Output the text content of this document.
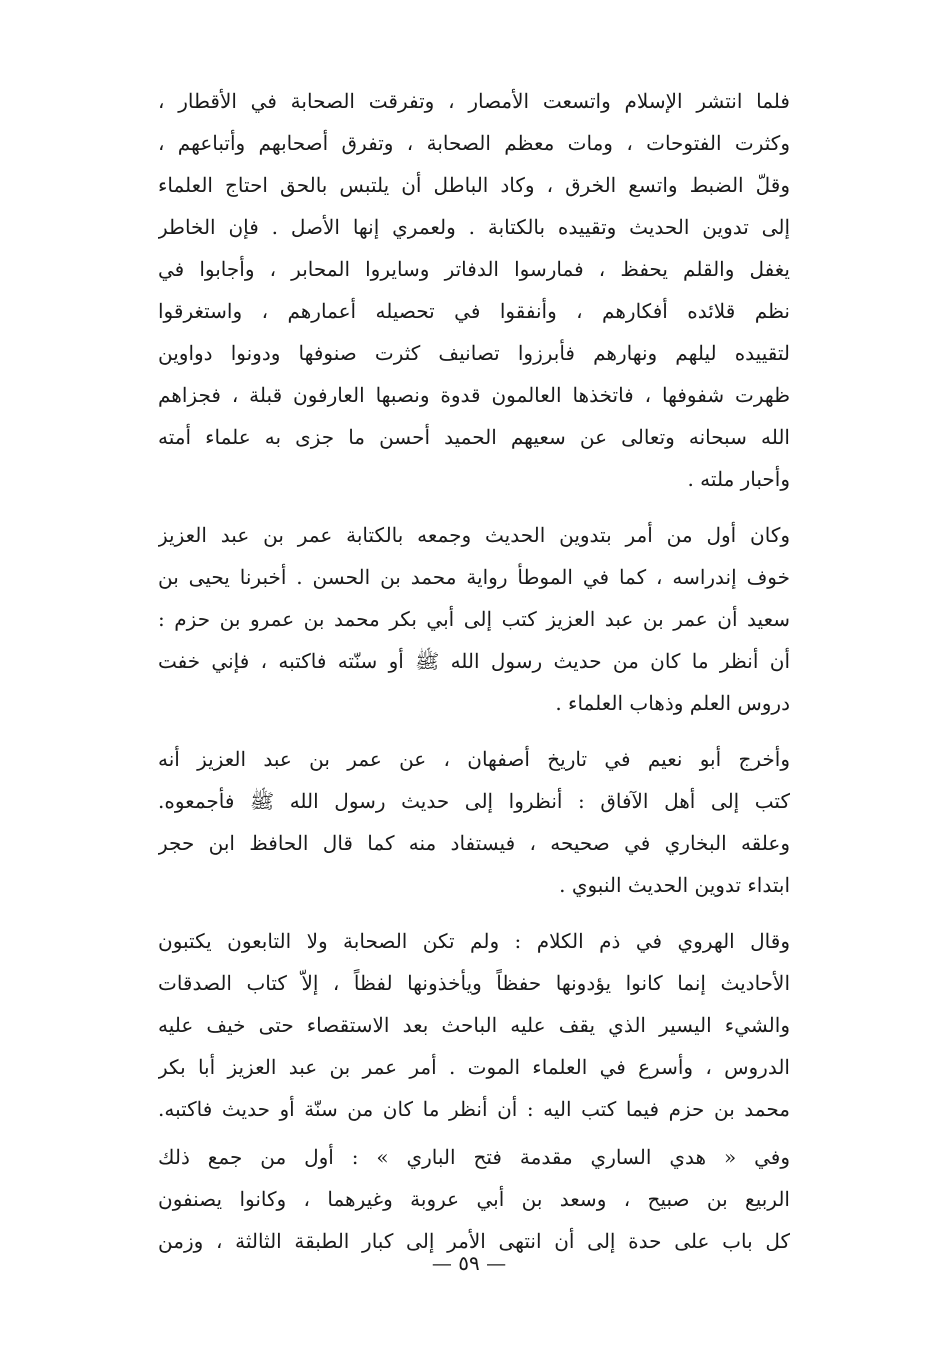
فلما انتشر الإسلام واتسعت الأمصار ، وتفرقت الصحابة في الأقطار ،
وكثرت الفتوحات ، ومات معظم الصحابة ، وتفرق أصحابهم وأتباعهم ،
وقلّ الضبط واتسع الخرق ، وكاد الباطل أن يلتبس بالحق احتاج العلماء
إلى تدوين الحديث وتقييده بالكتابة . ولعمري إنها الأصل . فإن الخاطر
يغفل والقلم يحفظ ، فمارسوا الدفاتر وسايروا المحابر ، وأجابوا في
نظم قلائده أفكارهم ، وأنفقوا في تحصيله أعمارهم ، واستغرقوا
لتقييده ليلهم ونهارهم فأبرزوا تصانيف كثرت صنوفها ودونوا دواوين
ظهرت شفوفها ، فاتخذها العالمون قدوة ونصبها العارفون قبلة ، فجزاهم
الله سبحانه وتعالى عن سعيهم الحميد أحسن ما جزى به علماء أمته
وأحبار ملته .

وكان أول من أمر بتدوين الحديث وجمعه بالكتابة عمر بن عبد العزيز
خوف إندراسه ، كما في الموطأ رواية محمد بن الحسن . أخبرنا يحيى بن
سعيد أن عمر بن عبد العزيز كتب إلى أبي بكر محمد بن عمرو بن حزم :
أن أنظر ما كان من حديث رسول الله ﷺ أو سنّته فاكتبه ، فإني خفت
دروس العلم وذهاب العلماء .

وأخرج أبو نعيم في تاريخ أصفهان ، عن عمر بن عبد العزيز أنه
كتب إلى أهل الآفاق : أنظروا إلى حديث رسول الله ﷺ فأجمعوه.
وعلقه البخاري في صحيحه ، فيستفاد منه كما قال الحافظ ابن حجر
ابتداء تدوين الحديث النبوي .

وقال الهروي في ذم الكلام : ولم تكن الصحابة ولا التابعون يكتبون
الأحاديث إنما كانوا يؤدونها حفظاً ويأخذونها لفظاً ، إلاّ كتاب الصدقات
والشيء اليسير الذي يقف عليه الباحث بعد الاستقصاء حتى خيف عليه
الدروس ، وأسرع في العلماء الموت . أمر عمر بن عبد العزيز أبا بكر
محمد بن حزم فيما كتب اليه : أن أنظر ما كان من سنّة أو حديث فاكتبه.

وفي « هدي الساري مقدمة فتح الباري » : أول من جمع ذلك
الربيع بن صبيح ، وسعد بن أبي عروبة وغيرهما ، وكانوا يصنفون
كل باب على حدة إلى أن انتهى الأمر إلى كبار الطبقة الثالثة ، وزمن

— ٥٩ —
